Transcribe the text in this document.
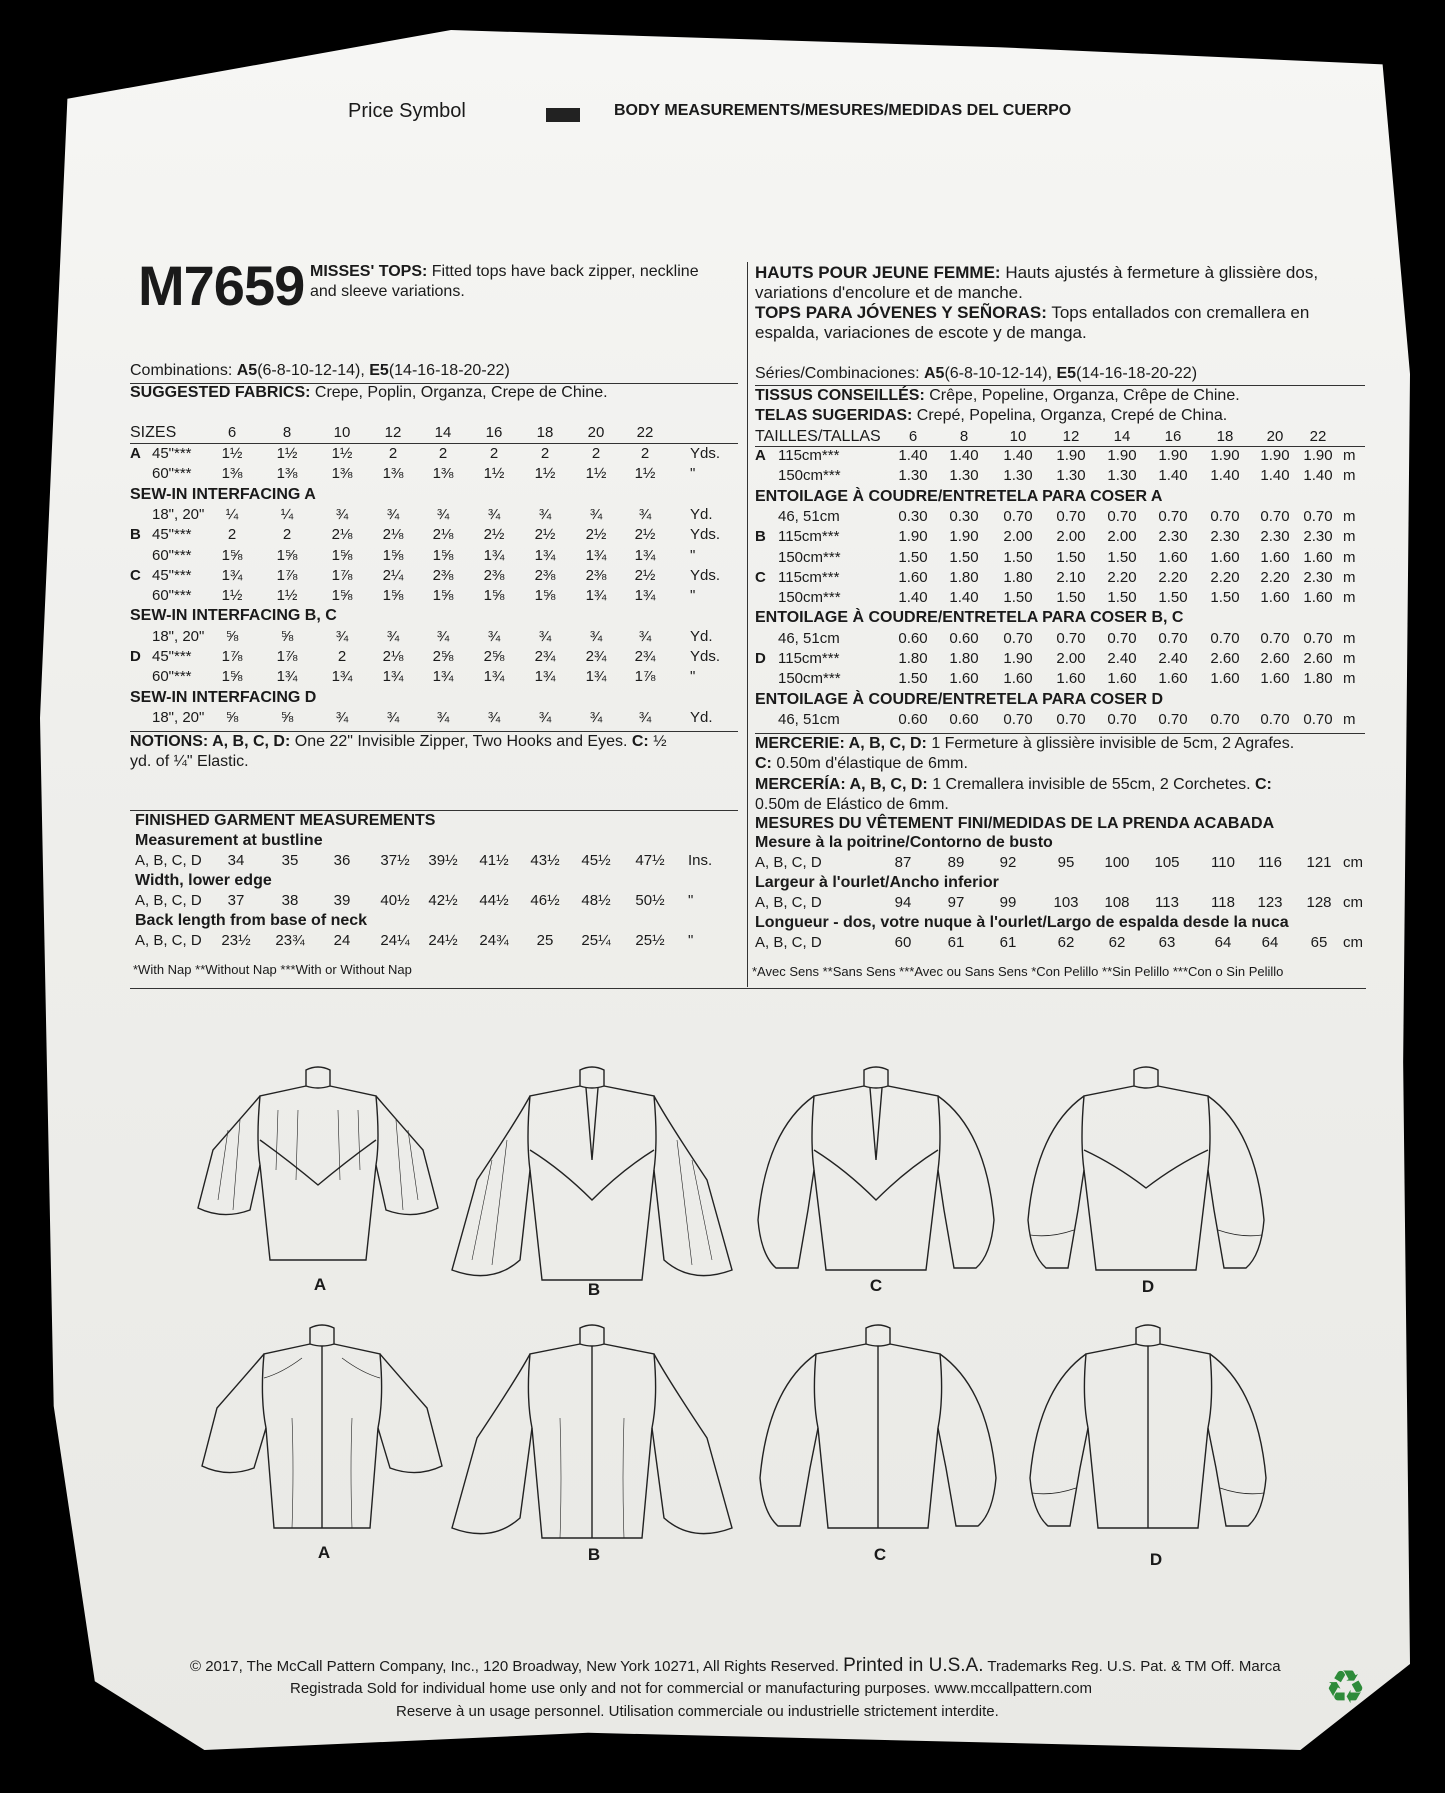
Price Symbol	BODY MEASUREMENTS/MESURES/MEDIDAS DEL CUERPO
M7659 MISSES' TOPS: Fitted tops have back zipper, neckline
and sleeve variations.
HAUTS POUR JEUNE FEMME: Hauts ajustés à fermeture à glissière dos,
variations d'encolure et de manche.
TOPS PARA JÓVENES Y SEÑORAS: Tops entallados con cremallera en
espalda, variaciones de escote y de manga.
Combinations: A5(6-8-10-12-14), E5(14-16-18-20-22)
SUGGESTED FABRICS: Crepe, Poplin, Organza, Crepe de Chine.
Séries/Combinaciones: A5(6-8-10-12-14), E5(14-16-18-20-22)
TISSUS CONSEILLÉS: Crêpe, Popeline, Organza, Crêpe de Chine.
TELAS SUGERIDAS: Crepé, Popelina, Organza, Crepé de China.
SIZES	6	8	10	12	14	16	18	20	22
A 45"***	1½	1½	1½	2	2	2	2	2	2	Yds.
60"***	1⅜	1⅜	1⅜	1⅜	1⅜	1½	1½	1½	1½	"
SEW-IN INTERFACING A
18", 20"	¼	¼	¾	¾	¾	¾	¾	¾	¾	Yd.
B 45"***	2	2	2⅛	2⅛	2⅛	2½	2½	2½	2½	Yds.
60"***	1⅝	1⅝	1⅝	1⅝	1⅝	1¾	1¾	1¾	1¾	"
C 45"***	1¾	1⅞	1⅞	2¼	2⅜	2⅜	2⅜	2⅜	2½	Yds.
60"***	1½	1½	1⅝	1⅝	1⅝	1⅝	1⅝	1¾	1¾	"
SEW-IN INTERFACING B, C
18", 20"	⅝	⅝	¾	¾	¾	¾	¾	¾	¾	Yd.
D 45"***	1⅞	1⅞	2	2⅛	2⅝	2⅝	2¾	2¾	2¾	Yds.
60"***	1⅝	1¾	1¾	1¾	1¾	1¾	1¾	1¾	1⅞	"
SEW-IN INTERFACING D
18", 20"	⅝	⅝	¾	¾	¾	¾	¾	¾	¾	Yd.
TAILLES/TALLAS	6	8	10	12	14	16	18	20	22
A 115cm***	1.40	1.40	1.40	1.90	1.90	1.90	1.90	1.90 1.90 m
150cm***	1.30	1.30	1.30	1.30	1.30	1.40	1.40	1.40 1.40 m
ENTOILAGE À COUDRE/ENTRETELA PARA COSER A
46, 51cm	0.30	0.30	0.70	0.70	0.70	0.70	0.70	0.70 0.70 m
B 115cm***	1.90	1.90	2.00	2.00	2.00	2.30	2.30	2.30 2.30 m
150cm***	1.50	1.50	1.50	1.50	1.50	1.60	1.60	1.60 1.60 m
C 115cm***	1.60	1.80	1.80	2.10	2.20	2.20	2.20	2.20 2.30 m
150cm***	1.40	1.40	1.50	1.50	1.50	1.50	1.50	1.60 1.60 m
ENTOILAGE À COUDRE/ENTRETELA PARA COSER B, C
46, 51cm	0.60	0.60	0.70	0.70	0.70	0.70	0.70	0.70 0.70 m
D 115cm***	1.80	1.80	1.90	2.00	2.40	2.40	2.60	2.60 2.60 m
150cm***	1.50	1.60	1.60	1.60	1.60	1.60	1.60	1.60 1.80 m
ENTOILAGE À COUDRE/ENTRETELA PARA COSER D
46, 51cm	0.60	0.60	0.70	0.70	0.70	0.70	0.70	0.70 0.70 m
NOTIONS: A, B, C, D: One 22" Invisible Zipper, Two Hooks and Eyes. C: ½
yd. of ¼" Elastic.
MERCERIE: A, B, C, D: 1 Fermeture à glissière invisible de 5cm, 2 Agrafes.
C: 0.50m d'élastique de 6mm.
MERCERÍA: A, B, C, D: 1 Cremallera invisible de 55cm, 2 Corchetes. C:
0.50m de Elástico de 6mm.
FINISHED GARMENT MEASUREMENTS	MESURES DU VÊTEMENT FINI/MEDIDAS DE LA PRENDA ACABADA
Measurement at bustline
A, B, C, D	34	35	36	37½	39½	41½	43½	45½	47½	Ins.
Width, lower edge
A, B, C, D	37	38	39	40½	42½	44½	46½	48½	50½	"
Back length from base of neck
A, B, C, D	23½	23¾	24	24¼	24½	24¾	25	25¼	25½	"
Mesure à la poitrine/Contorno de busto
A, B, C, D	87	89	92	95	100	105	110	116	121 cm
Largeur à l'ourlet/Ancho inferior
A, B, C, D	94	97	99	103	108	113	118	123	128 cm
Longueur - dos, votre nuque à l'ourlet/Largo de espalda desde la nuca
A, B, C, D	60	61	61	62	62	63	64	64	65	cm
*With Nap **Without Nap ***With or Without Nap	*Avec Sens **Sans Sens ***Avec ou Sans Sens *Con Pelillo **Sin Pelillo ***Con o Sin Pelillo
A	B	C	D
A	B	C	D
© 2017, The McCall Pattern Company, Inc., 120 Broadway, New York 10271, All Rights Reserved. Printed in U.S.A. Trademarks Reg. U.S. Pat. & TM Off. Marca
Registrada Sold for individual home use only and not for commercial or manufacturing purposes. www.mccallpattern.com
Reserve à un usage personnel. Utilisation commerciale ou industrielle strictement interdite.	♻
